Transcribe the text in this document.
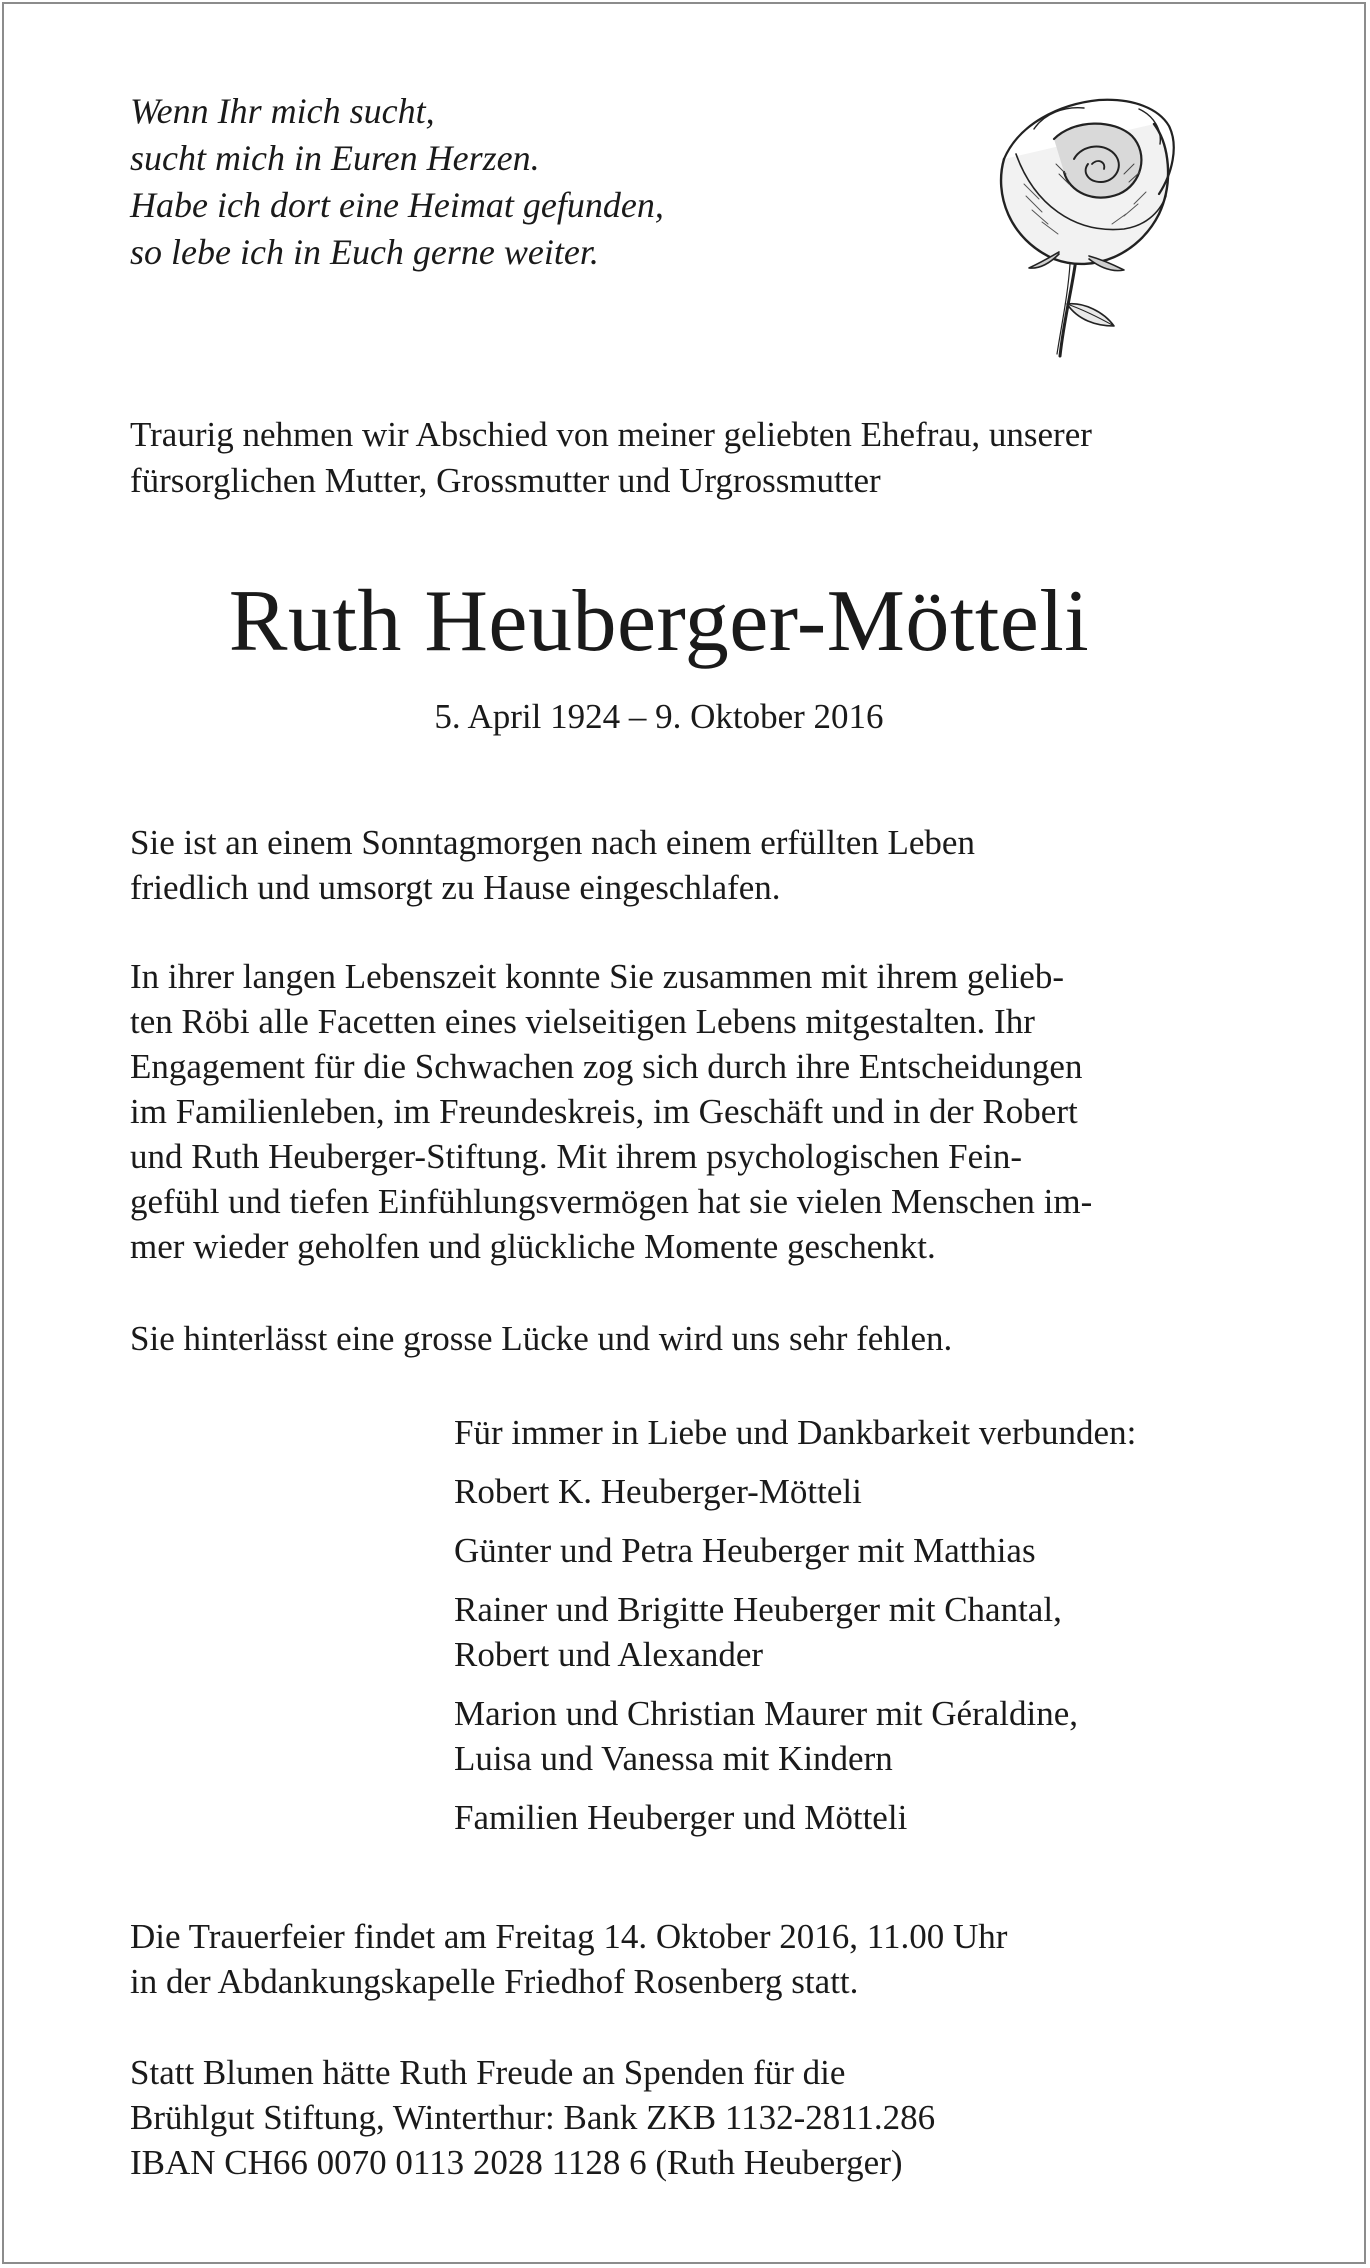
Wenn Ihr mich sucht,
sucht mich in Euren Herzen.
Habe ich dort eine Heimat gefunden,
so lebe ich in Euch gerne weiter.
Traurig nehmen wir Abschied von meiner geliebten Ehefrau, unserer
fürsorglichen Mutter, Grossmutter und Urgrossmutter
Ruth Heuberger-Mötteli
5. April 1924 – 9. Oktober 2016
Sie ist an einem Sonntagmorgen nach einem erfüllten Leben
friedlich und umsorgt zu Hause eingeschlafen.
In ihrer langen Lebenszeit konnte Sie zusammen mit ihrem gelieb-
ten Röbi alle Facetten eines vielseitigen Lebens mitgestalten. Ihr
Engagement für die Schwachen zog sich durch ihre Entscheidungen
im Familienleben, im Freundeskreis, im Geschäft und in der Robert
und Ruth Heuberger-Stiftung. Mit ihrem psychologischen Fein-
gefühl und tiefen Einfühlungsvermögen hat sie vielen Menschen im-
mer wieder geholfen und glückliche Momente geschenkt.
Sie hinterlässt eine grosse Lücke und wird uns sehr fehlen.
Für immer in Liebe und Dankbarkeit verbunden:
Robert K. Heuberger-Mötteli
Günter und Petra Heuberger mit Matthias
Rainer und Brigitte Heuberger mit Chantal,
Robert und Alexander
Marion und Christian Maurer mit Géraldine,
Luisa und Vanessa mit Kindern
Familien Heuberger und Mötteli
Die Trauerfeier findet am Freitag 14. Oktober 2016, 11.00 Uhr
in der Abdankungskapelle Friedhof Rosenberg statt.
Statt Blumen hätte Ruth Freude an Spenden für die
Brühlgut Stiftung, Winterthur: Bank ZKB 1132-2811.286
IBAN CH66 0070 0113 2028 1128 6 (Ruth Heuberger)
